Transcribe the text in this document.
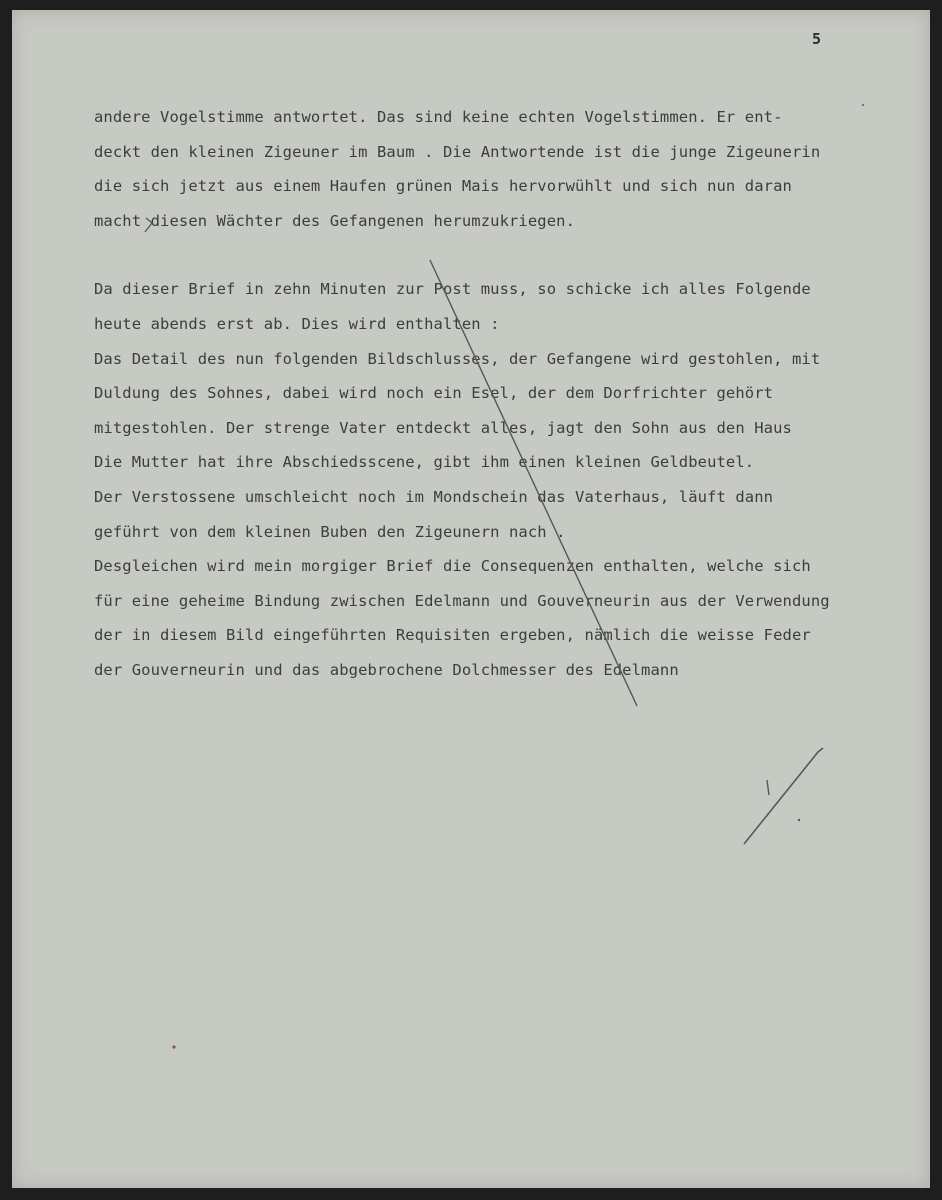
5
andere Vogelstimme antwortet. Das sind keine echten Vogelstimmen. Er ent-
deckt den kleinen Zigeuner im Baum . Die Antwortende ist die junge Zigeunerin
die sich jetzt aus einem Haufen grünen Mais hervorwühlt und sich nun daran
macht diesen Wächter des Gefangenen herumzukriegen.
Da dieser Brief in zehn Minuten zur Post muss, so schicke ich alles Folgende
heute abends erst ab. Dies wird enthalten :
Das Detail des nun folgenden Bildschlusses, der Gefangene wird gestohlen, mit
Duldung des Sohnes, dabei wird noch ein Esel, der dem Dorfrichter gehört
mitgestohlen. Der strenge Vater entdeckt alles, jagt den Sohn aus den Haus
Die Mutter hat ihre Abschiedsscene, gibt ihm einen kleinen Geldbeutel.
Der Verstossene umschleicht noch im Mondschein das Vaterhaus, läuft dann
geführt von dem kleinen Buben den Zigeunern nach .
Desgleichen wird mein morgiger Brief die Consequenzen enthalten, welche sich
für eine geheime Bindung zwischen Edelmann und Gouverneurin aus der Verwendung
der in diesem Bild eingeführten Requisiten ergeben, nämlich die weisse Feder
der Gouverneurin und das abgebrochene Dolchmesser des Edelmann
